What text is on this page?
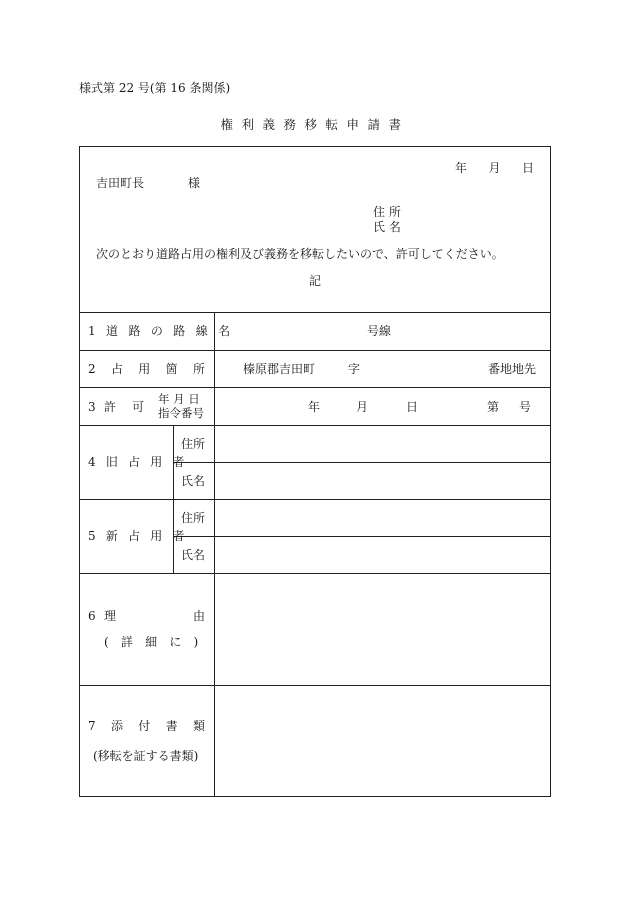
様式第 22 号(第 16 条関係)
権利義務移転申請書
年 月 日
吉田町長	様
住 所
氏 名
次のとおり道路占用の権利及び義務を移転したいので、許可してください。
記
1 道 路 の 路 線 名	号線
2 占 用 箇 所	榛原郡吉田町	字	番地地先
3 許 可
年 月 日
指令番号	年	月	日	第 号
4 旧 占 用 者
住所
氏名
5 新 占 用 者
住所
氏名
6 理	由
( 詳 細 に )
7 添 付 書 類
(移転を証する書類)
